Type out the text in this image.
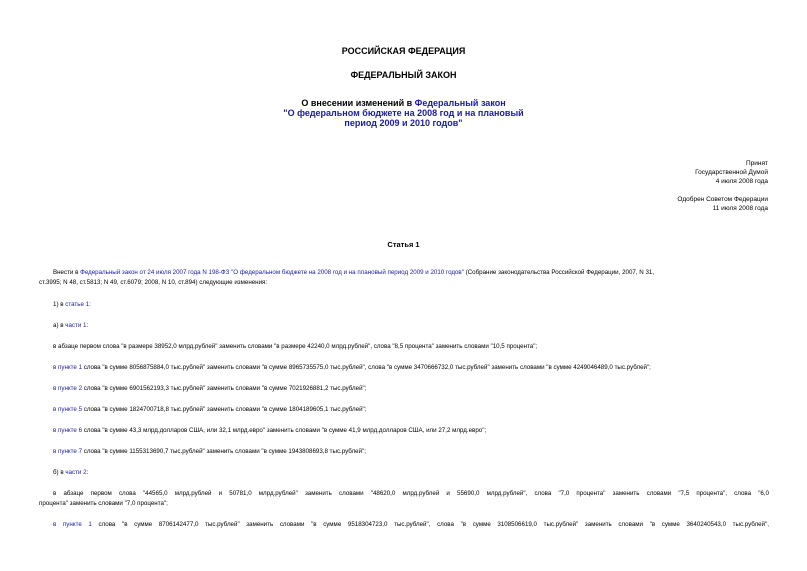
РОССИЙСКАЯ ФЕДЕРАЦИЯ
ФЕДЕРАЛЬНЫЙ ЗАКОН
О внесении изменений в Федеральный закон
"О федеральном бюджете на 2008 год и на плановый
период 2009 и 2010 годов"
Принят
Государственной Думой
4 июля 2008 года
Одобрен Советом Федерации
11 июля 2008 года
Статья 1
Внести в Федеральный закон от 24 июля 2007 года N 198-ФЗ "О федеральном бюджете на 2008 год и на плановый период 2009 и 2010 годов" (Собрание законодательства Российской Федерации, 2007, N 31,
ст.3995; N 48, ст.5813; N 49, ст.6079; 2008, N 10, ст.894) следующие изменения:
1) в статье 1:
а) в части 1:
в абзаце первом слова "в размере 38952,0 млрд.рублей" заменить словами "в размере 42240,0 млрд.рублей", слова "8,5 процента" заменить словами "10,5 процента";
в пункте 1 слова "в сумме 8056875884,0 тыс.рублей" заменить словами "в сумме 8965735575,0 тыс.рублей", слова "в сумме 3470666732,0 тыс.рублей" заменить словами "в сумме 4249046489,0 тыс.рублей";
в пункте 2 слова "в сумме 6901562193,3 тыс.рублей" заменить словами "в сумме 7021926881,2 тыс.рублей";
в пункте 5 слова "в сумме 1824700718,8 тыс.рублей" заменить словами "в сумме 1804189605,1 тыс.рублей";
в пункте 6 слова "в сумме 43,3 млрд.долларов США, или 32,1 млрд.евро" заменить словами "в сумме 41,9 млрд.долларов США, или 27,2 млрд.евро";
в пункте 7 слова "в сумме 1155313690,7 тыс.рублей" заменить словами "в сумме 1943808693,8 тыс.рублей";
б) в части 2:
в абзаце первом слова "44565,0 млрд.рублей и 50781,0 млрд.рублей" заменить словами "48620,0 млрд.рублей и 55690,0 млрд.рублей", слова "7,0 процента" заменить словами "7,5 процента", слова "6,0
процента" заменить словами "7,0 процента";
в пункте 1 слова "в сумме 8706142477,0 тыс.рублей" заменить словами "в сумме 9518304723,0 тыс.рублей", слова "в сумме 3108506619,0 тыс.рублей" заменить словами "в сумме 3640240543,0 тыс.рублей",
